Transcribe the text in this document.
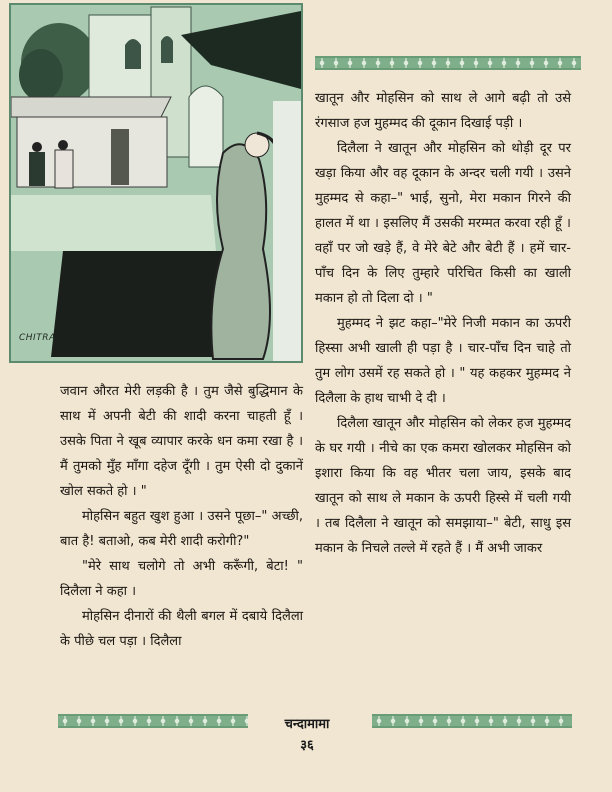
CHITRA

खातून और मोहसिन को साथ ले आगे बढ़ी तो उसे रंगसाज हज मुहम्मद की दूकान दिखाई पड़ी ।

दिलैला ने खातून और मोहसिन को थोड़ी दूर पर खड़ा किया और वह दूकान के अन्दर चली गयी । उसने मुहम्मद से कहा–" भाई, सुनो, मेरा मकान गिरने की हालत में था । इसलिए मैं उसकी मरम्मत करवा रही हूँ । वहाँ पर जो खड़े हैं, वे मेरे बेटे और बेटी हैं । हमें चार-पाँच दिन के लिए तुम्हारे परिचित किसी का खाली मकान हो तो दिला दो । "

मुहम्मद ने झट कहा–"मेरे निजी मकान का ऊपरी हिस्सा अभी खाली ही पड़ा है । चार-पाँच दिन चाहे तो तुम लोग उसमें रह सकते हो । " यह कहकर मुहम्मद ने दिलैला के हाथ चाभी दे दी ।

दिलैला खातून और मोहसिन को लेकर हज मुहम्मद के घर गयी । नीचे का एक कमरा खोलकर मोहसिन को इशारा किया कि वह भीतर चला जाय, इसके बाद खातून को साथ ले मकान के ऊपरी हिस्से में चली गयी । तब दिलैला ने खातून को समझाया–" बेटी, साधु इस मकान के निचले तल्ले में रहते हैं । मैं अभी जाकर

जवान औरत मेरी लड़की है । तुम जैसे बुद्धिमान के साथ में अपनी बेटी की शादी करना चाहती हूँ । उसके पिता ने खूब व्यापार करके धन कमा रखा है । मैं तुमको मुँह माँगा दहेज दूँगी । तुम ऐसी दो दुकानें खोल सकते हो । "

मोहसिन बहुत खुश हुआ । उसने पूछा–" अच्छी, बात है! बताओ, कब मेरी शादी करोगी?"

"मेरे साथ चलोगे तो अभी करूँगी, बेटा! " दिलैला ने कहा ।

मोहसिन दीनारों की थैली बगल में दबाये दिलैला के पीछे चल पड़ा । दिलैला

चन्दामामा
३६
